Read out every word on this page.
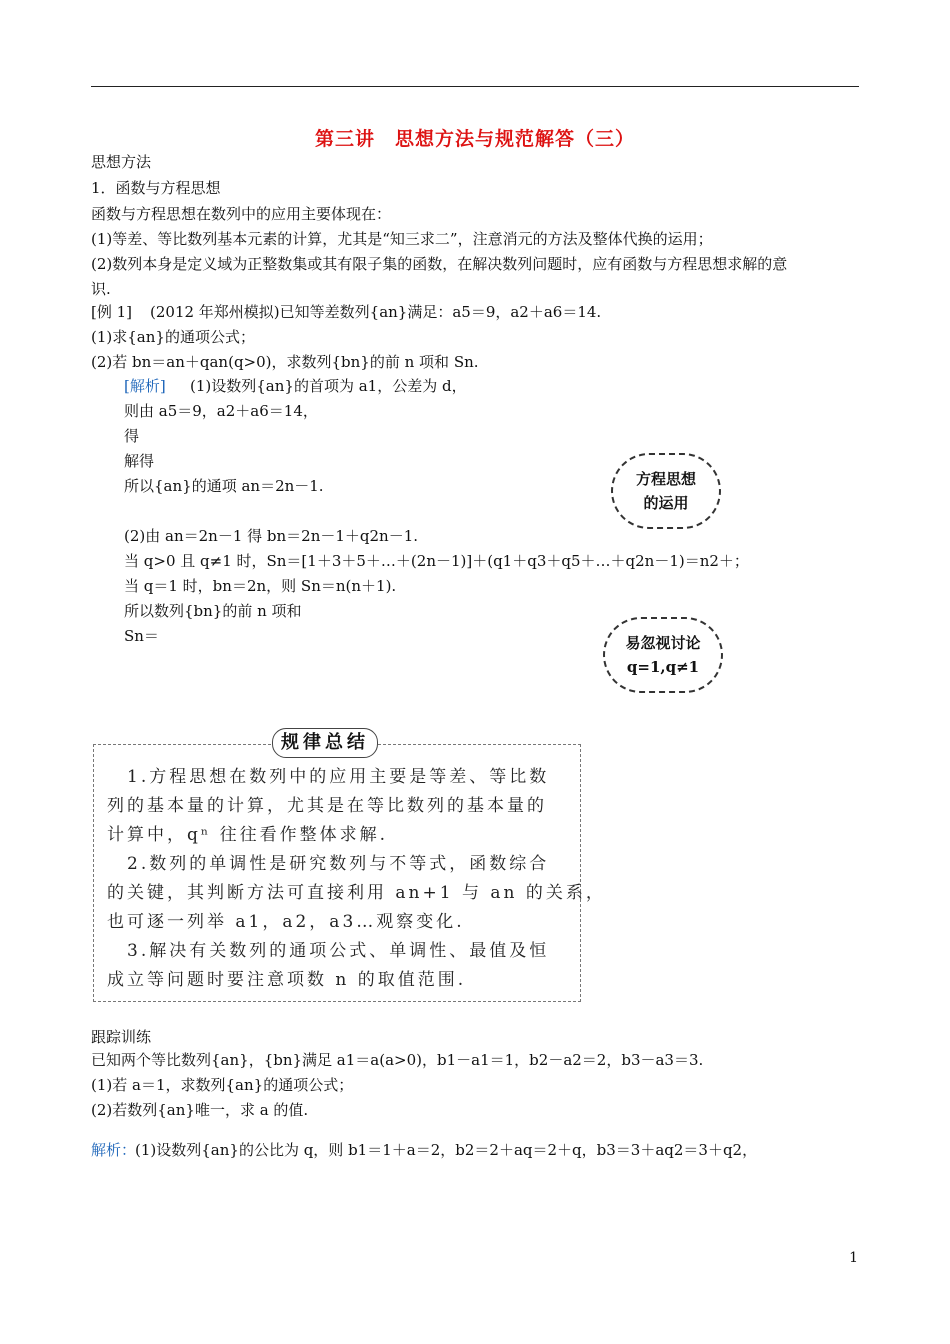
第三讲　思想方法与规范解答（三）
思想方法
1．函数与方程思想
函数与方程思想在数列中的应用主要体现在：
(1)等差、等比数列基本元素的计算，尤其是“知三求二”，注意消元的方法及整体代换的运用；
(2)数列本身是定义域为正整数集或其有限子集的函数，在解决数列问题时，应有函数与方程思想求解的意
识.
[例 1] (2012 年郑州模拟)已知等差数列{an}满足：a5＝9，a2＋a6＝14.
(1)求{an}的通项公式；
(2)若 bn＝an＋qan(q>0)，求数列{bn}的前 n 项和 Sn.
[解析] (1)设数列{an}的首项为 a1，公差为 d，
则由 a5＝9，a2＋a6＝14，
得
解得
所以{an}的通项 an＝2n－1.
(2)由 an＝2n－1 得 bn＝2n－1＋q2n－1.
当 q>0 且 q≠1 时，Sn＝[1＋3＋5＋…＋(2n－1)]＋(q1＋q3＋q5＋…＋q2n－1)＝n2＋；
当 q＝1 时，bn＝2n，则 Sn＝n(n＋1).
所以数列{bn}的前 n 项和
Sn＝
方程思想
的运用
易忽视讨论
q=1,q≠1
规律总结
　1.方程思想在数列中的应用主要是等差、等比数
列的基本量的计算，尤其是在等比数列的基本量的
计算中，qⁿ 往往看作整体求解.
　2.数列的单调性是研究数列与不等式，函数综合
的关键，其判断方法可直接利用 an+1 与 an 的关系，
也可逐一列举 a1，a2，a3…观察变化.
　3.解决有关数列的通项公式、单调性、最值及恒
成立等问题时要注意项数 n 的取值范围.
跟踪训练
已知两个等比数列{an}，{bn}满足 a1＝a(a>0)，b1－a1＝1，b2－a2＝2，b3－a3＝3.
(1)若 a＝1，求数列{an}的通项公式；
(2)若数列{an}唯一，求 a 的值.
解析：
(1)设数列{an}的公比为 q，则 b1＝1＋a＝2，b2＝2＋aq＝2＋q，b3＝3＋aq2＝3＋q2，
1
